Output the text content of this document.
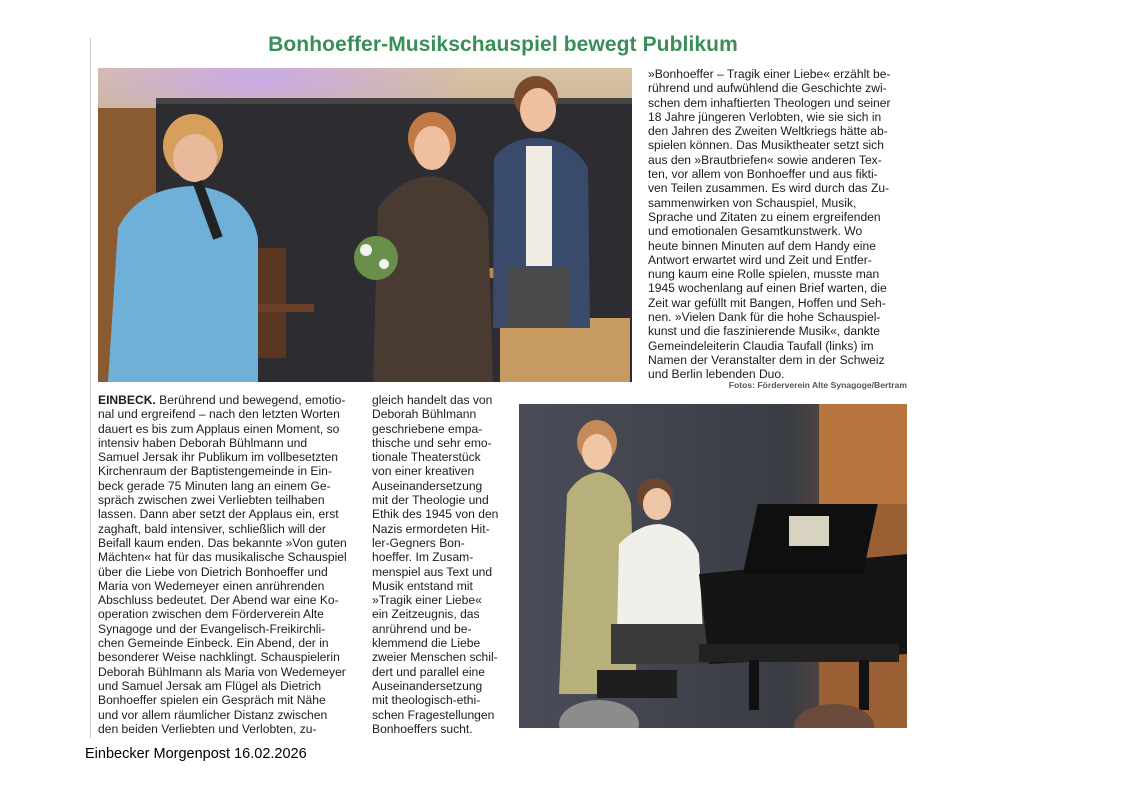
Bonhoeffer-Musikschauspiel bewegt Publikum
»Bonhoeffer – Tragik einer Liebe« erzählt be-
rührend und aufwühlend die Geschichte zwi-
schen dem inhaftierten Theologen und seiner
18 Jahre jüngeren Verlobten, wie sie sich in
den Jahren des Zweiten Weltkriegs hätte ab-
spielen können. Das Musiktheater setzt sich
aus den »Brautbriefen« sowie anderen Tex-
ten, vor allem von Bonhoeffer und aus fikti-
ven Teilen zusammen. Es wird durch das Zu-
sammenwirken von Schauspiel, Musik,
Sprache und Zitaten zu einem ergreifenden
und emotionalen Gesamtkunstwerk. Wo
heute binnen Minuten auf dem Handy eine
Antwort erwartet wird und Zeit und Entfer-
nung kaum eine Rolle spielen, musste man
1945 wochenlang auf einen Brief warten, die
Zeit war gefüllt mit Bangen, Hoffen und Seh-
nen. »Vielen Dank für die hohe Schauspiel-
kunst und die faszinierende Musik«, dankte
Gemeindeleiterin Claudia Taufall (links) im
Namen der Veranstalter dem in der Schweiz
und Berlin lebenden Duo.
Fotos: Förderverein Alte Synagoge/Bertram
EINBECK. Berührend und bewegend, emotio-
nal und ergreifend – nach den letzten Worten
dauert es bis zum Applaus einen Moment, so
intensiv haben Deborah Bühlmann und
Samuel Jersak ihr Publikum im vollbesetzten
Kirchenraum der Baptistengemeinde in Ein-
beck gerade 75 Minuten lang an einem Ge-
spräch zwischen zwei Verliebten teilhaben
lassen. Dann aber setzt der Applaus ein, erst
zaghaft, bald intensiver, schließlich will der
Beifall kaum enden. Das bekannte »Von guten
Mächten« hat für das musikalische Schauspiel
über die Liebe von Dietrich Bonhoeffer und
Maria von Wedemeyer einen anrührenden
Abschluss bedeutet. Der Abend war eine Ko-
operation zwischen dem Förderverein Alte
Synagoge und der Evangelisch-Freikirchli-
chen Gemeinde Einbeck. Ein Abend, der in
besonderer Weise nachklingt. Schauspielerin
Deborah Bühlmann als Maria von Wedemeyer
und Samuel Jersak am Flügel als Dietrich
Bonhoeffer spielen ein Gespräch mit Nähe
und vor allem räumlicher Distanz zwischen
den beiden Verliebten und Verlobten, zu-
gleich handelt das von
Deborah Bühlmann
geschriebene empa-
thische und sehr emo-
tionale Theaterstück
von einer kreativen
Auseinandersetzung
mit der Theologie und
Ethik des 1945 von den
Nazis ermordeten Hit-
ler-Gegners Bon-
hoeffer. Im Zusam-
menspiel aus Text und
Musik entstand mit
»Tragik einer Liebe«
ein Zeitzeugnis, das
anrührend und be-
klemmend die Liebe
zweier Menschen schil-
dert und parallel eine
Auseinandersetzung
mit theologisch-ethi-
schen Fragestellungen
Bonhoeffers sucht.
Einbecker Morgenpost 16.02.2026
